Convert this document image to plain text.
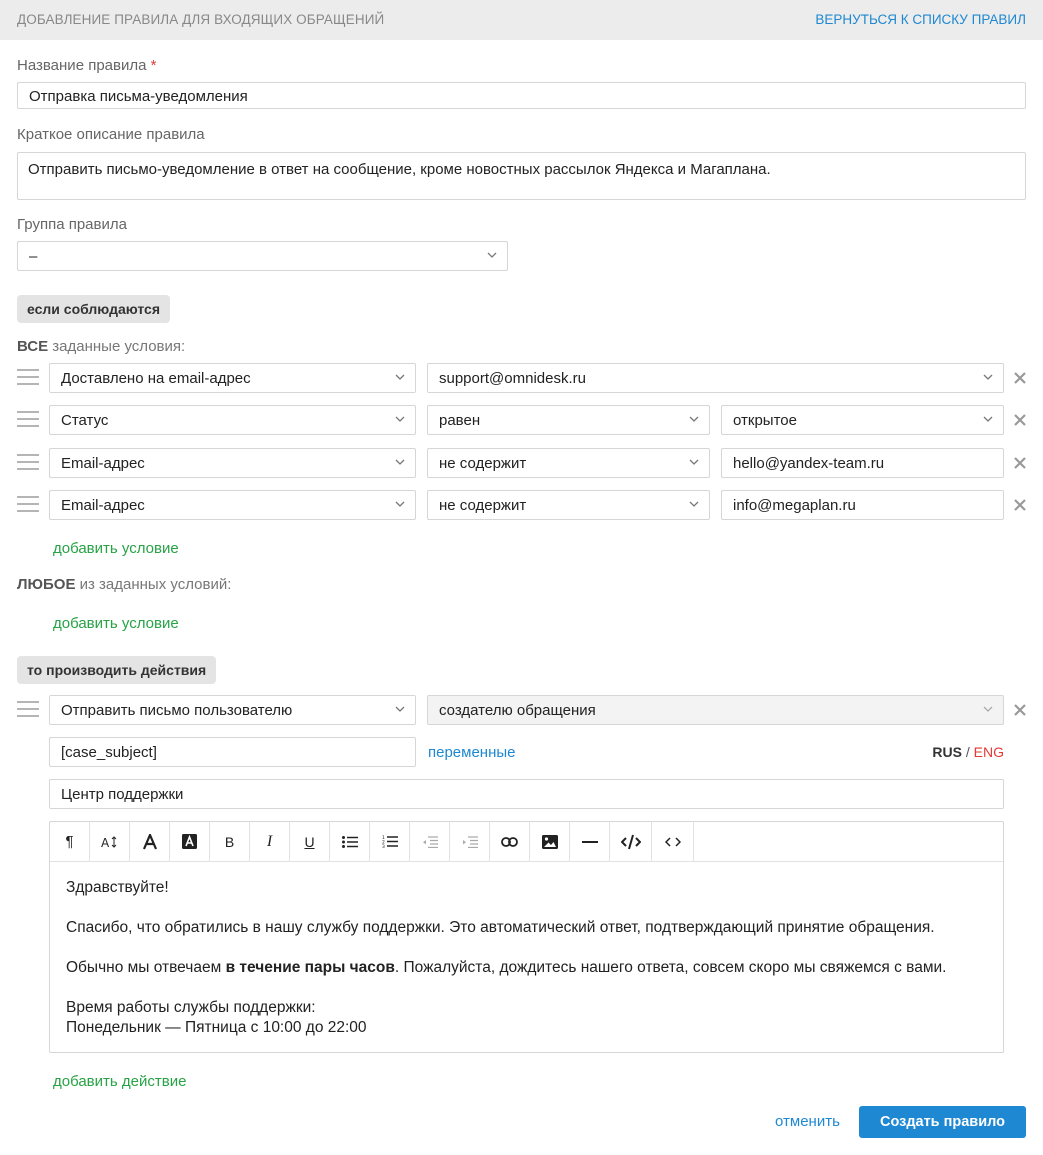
ДОБАВЛЕНИЕ ПРАВИЛА ДЛЯ ВХОДЯЩИХ ОБРАЩЕНИЙ	ВЕРНУТЬСЯ К СПИСКУ ПРАВИЛ
Название правила *
Отправка письма-уведомления
Краткое описание правила
Отправить письмо-уведомление в ответ на сообщение, кроме новостных рассылок Яндекса и Магаплана.
Группа правила
–
если соблюдаются
ВСЕ заданные условия:
Доставлено на email-адрес	support@omnidesk.ru
Статус	равен	открытое
Email-адрес	не содержит	hello@yandex-team.ru
Email-адрес	не содержит	info@megaplan.ru
добавить условие
ЛЮБОЕ из заданных условий:
добавить условие
то производить действия
Отправить письмо пользователю	создателю обращения
[case_subject]	переменные	RUS / ENG
Центр поддержки
¶	A	B	I	U	1
2
3

Здравствуйте!

Спасибо, что обратились в нашу службу поддержки. Это автоматический ответ, подтверждающий принятие обращения.

Обычно мы отвечаем в течение пары часов. Пожалуйста, дождитесь нашего ответа, совсем скоро мы свяжемся с вами.

Время работы службы поддержки:
Понедельник — Пятница с 10:00 до 22:00
добавить действие
отменить	Создать правило
